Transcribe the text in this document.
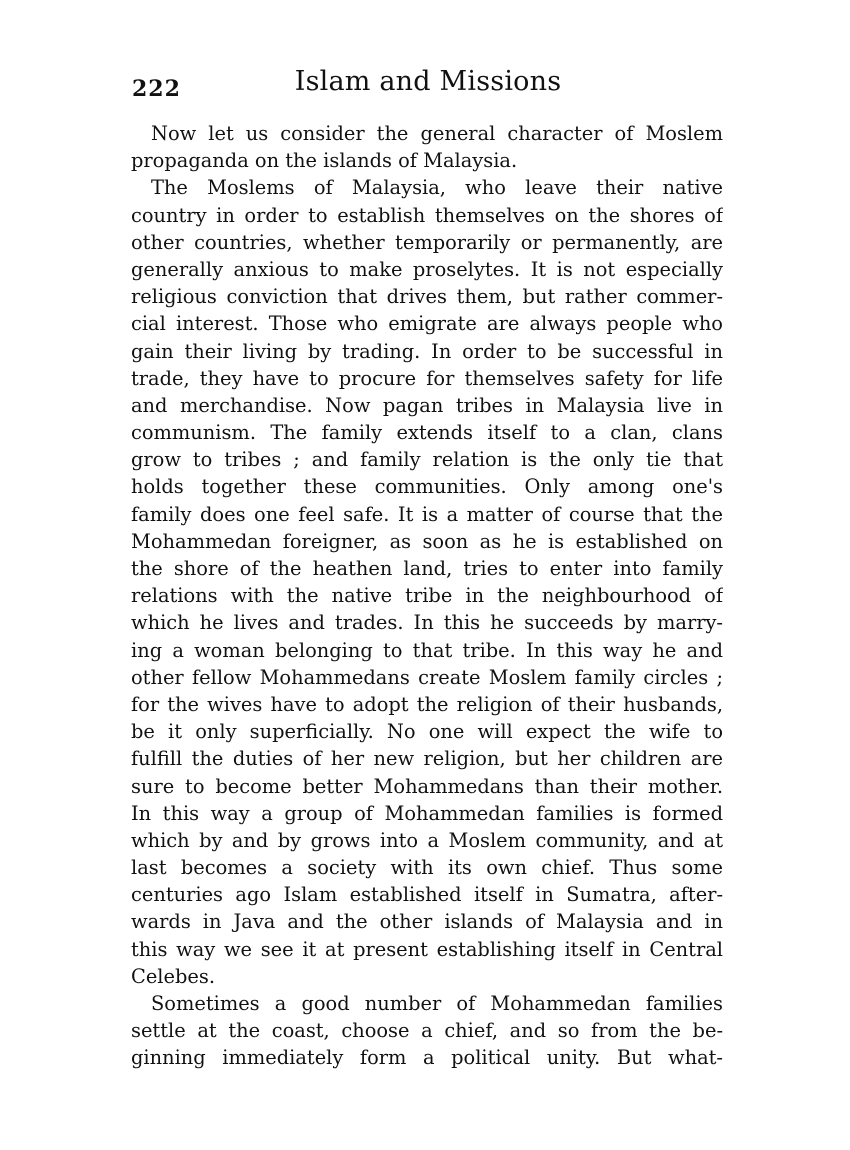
222	Islam and Missions
Now let us consider the general character of Moslem
propaganda on the islands of Malaysia.
The Moslems of Malaysia, who leave their native
country in order to establish themselves on the shores of
other countries, whether temporarily or permanently, are
generally anxious to make proselytes. It is not especially
religious conviction that drives them, but rather commer-
cial interest. Those who emigrate are always people who
gain their living by trading. In order to be successful in
trade, they have to procure for themselves safety for life
and merchandise. Now pagan tribes in Malaysia live in
communism. The family extends itself to a clan, clans
grow to tribes ; and family relation is the only tie that
holds together these communities. Only among one's
family does one feel safe. It is a matter of course that the
Mohammedan foreigner, as soon as he is established on
the shore of the heathen land, tries to enter into family
relations with the native tribe in the neighbourhood of
which he lives and trades. In this he succeeds by marry-
ing a woman belonging to that tribe. In this way he and
other fellow Mohammedans create Moslem family circles ;
for the wives have to adopt the religion of their husbands,
be it only superficially. No one will expect the wife to
fulfill the duties of her new religion, but her children are
sure to become better Mohammedans than their mother.
In this way a group of Mohammedan families is formed
which by and by grows into a Moslem community, and at
last becomes a society with its own chief. Thus some
centuries ago Islam established itself in Sumatra, after-
wards in Java and the other islands of Malaysia and in
this way we see it at present establishing itself in Central
Celebes.
Sometimes a good number of Mohammedan families
settle at the coast, choose a chief, and so from the be-
ginning immediately form a political unity. But what-
